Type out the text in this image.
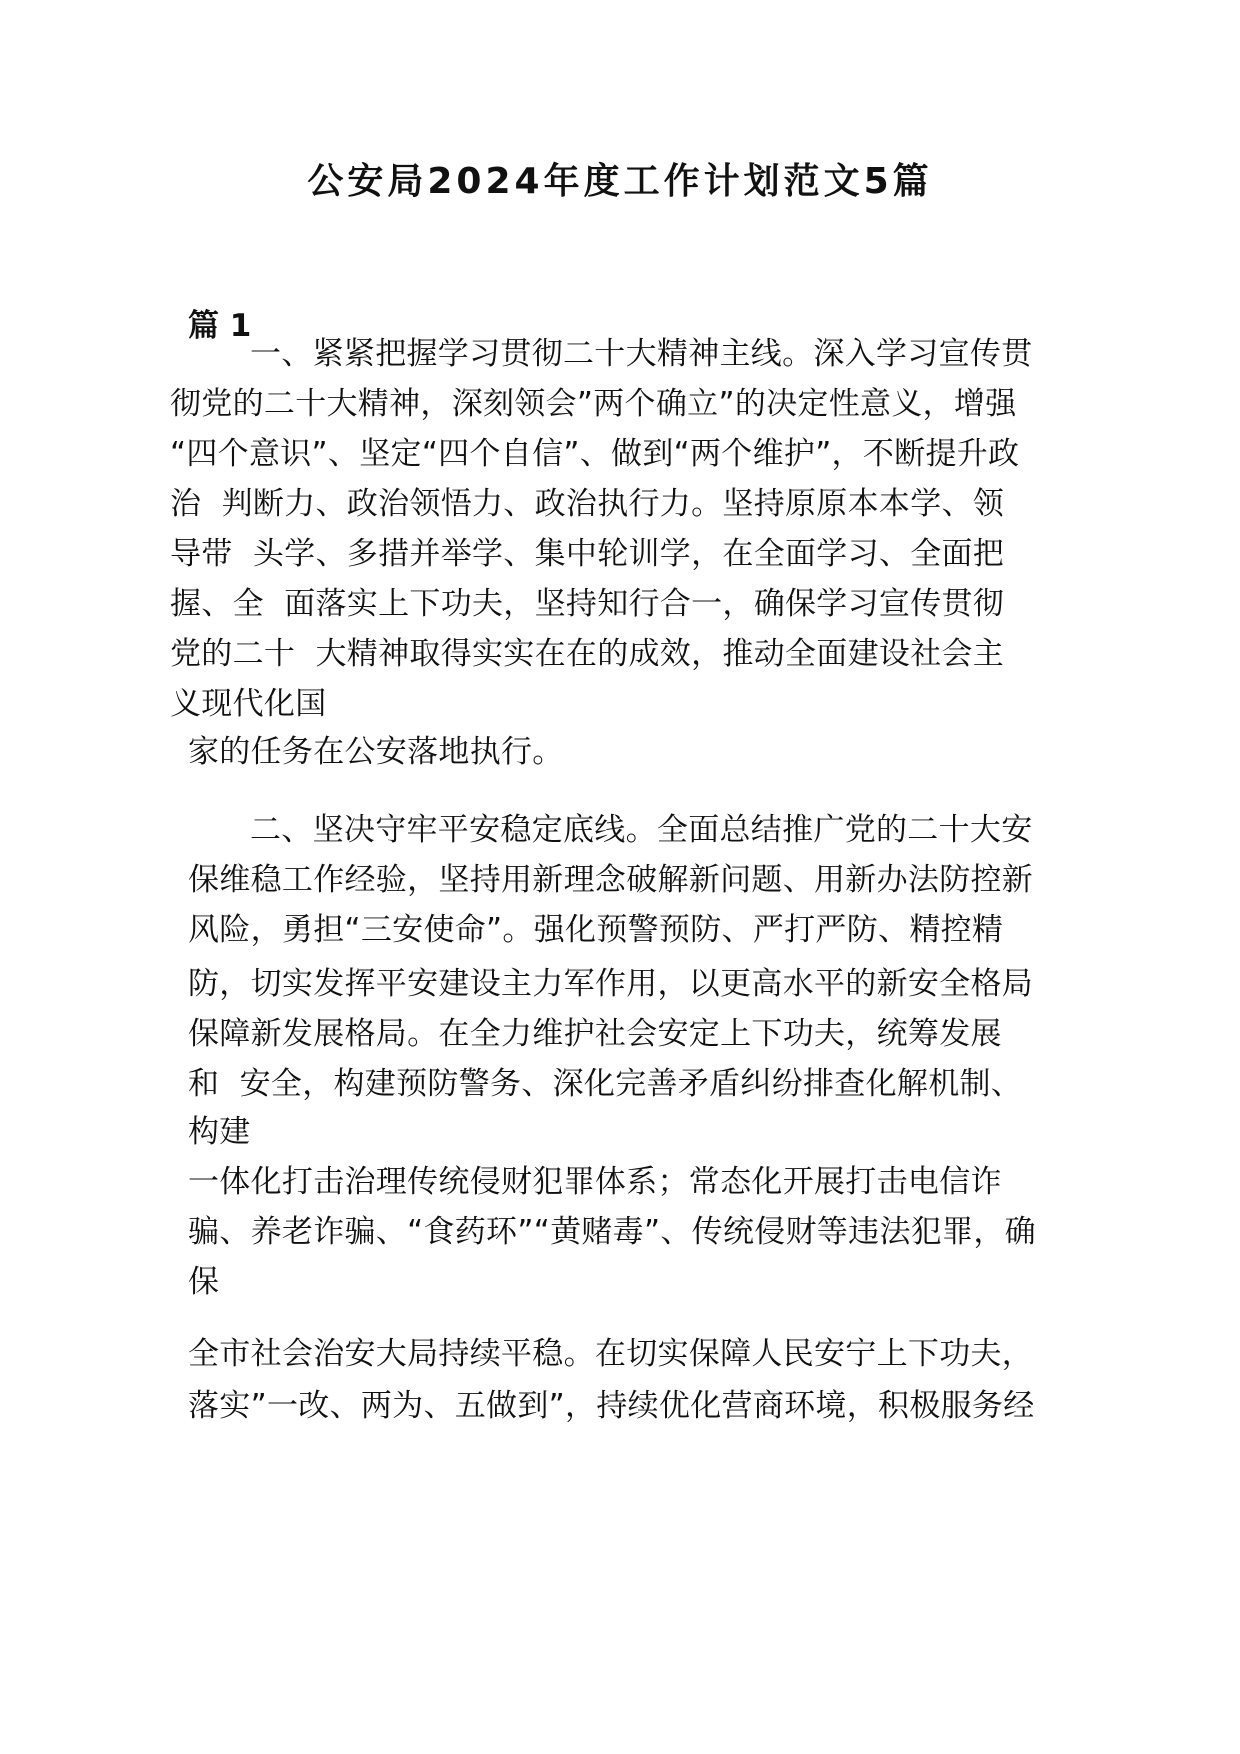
公安局2024年度工作计划范文5篇
篇 1
一、紧紧把握学习贯彻二十大精神主线。深入学习宣传贯
彻党的二十大精神，深刻领会”两个确立”的决定性意义，增强
“四个意识”、坚定“四个自信”、做到“两个维护”，不断提升政
治  判断力、政治领悟力、政治执行力。坚持原原本本学、领
导带  头学、多措并举学、集中轮训学，在全面学习、全面把
握、全  面落实上下功夫，坚持知行合一，确保学习宣传贯彻
党的二十  大精神取得实实在在的成效，推动全面建设社会主
义现代化国
家的任务在公安落地执行。
二、坚决守牢平安稳定底线。全面总结推广党的二十大安
保维稳工作经验，坚持用新理念破解新问题、用新办法防控新
风险，勇担“三安使命”。强化预警预防、严打严防、精控精
防，切实发挥平安建设主力军作用，以更高水平的新安全格局
保障新发展格局。在全力维护社会安定上下功夫，统筹发展
和  安全，构建预防警务、深化完善矛盾纠纷排查化解机制、
构建
一体化打击治理传统侵财犯罪体系；常态化开展打击电信诈
骗、养老诈骗、“食药环”“黄赌毒”、传统侵财等违法犯罪，确
保
全市社会治安大局持续平稳。在切实保障人民安宁上下功夫，
落实”一改、两为、五做到”，持续优化营商环境，积极服务经
